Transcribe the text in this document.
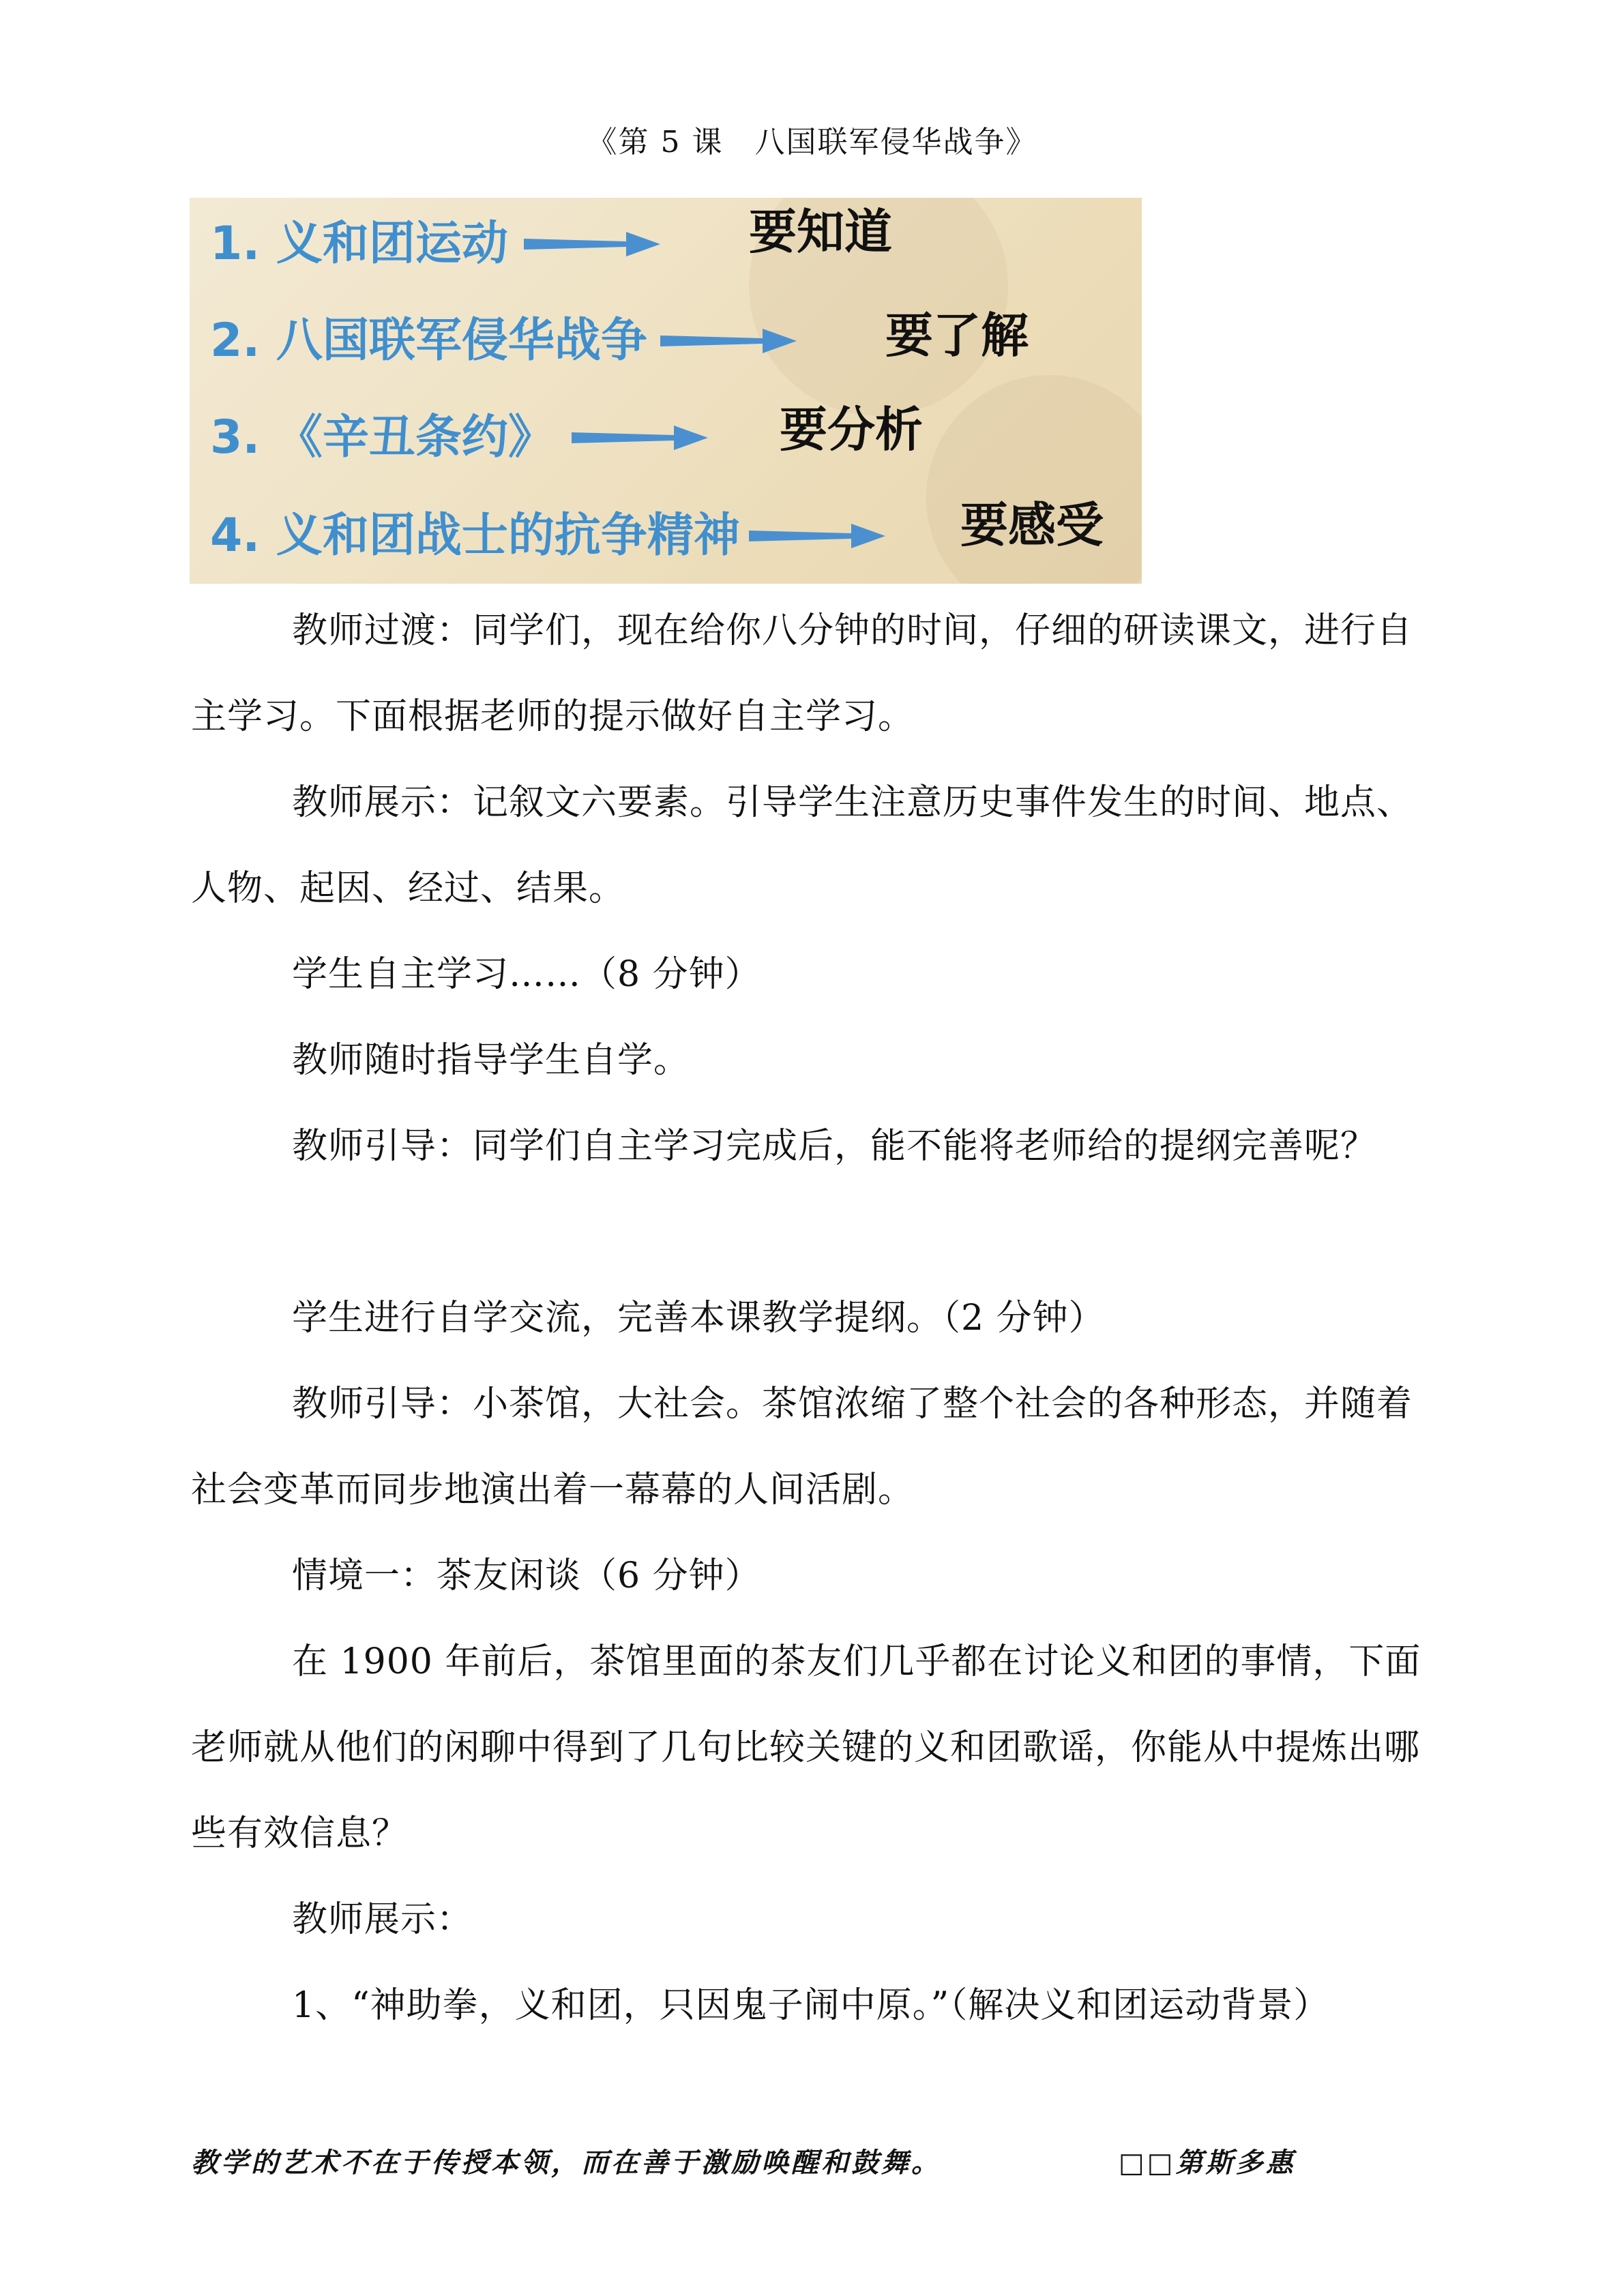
《第 5 课　八国联军侵华战争》
1. 义和团运动	要知道
2. 八国联军侵华战争	要了解
3. 《辛丑条约》	要分析
4. 义和团战士的抗争精神	要感受

教师过渡：同学们，现在给你八分钟的时间，仔细的研读课文，进行自主学习。下面根据老师的提示做好自主学习。

教师展示：记叙文六要素。引导学生注意历史事件发生的时间、地点、人物、起因、经过、结果。

学生自主学习……（8 分钟）

教师随时指导学生自学。

教师引导：同学们自主学习完成后，能不能将老师给的提纲完善呢？

学生进行自学交流，完善本课教学提纲。（2 分钟）

教师引导：小茶馆，大社会。茶馆浓缩了整个社会的各种形态，并随着社会变革而同步地演出着一幕幕的人间活剧。

情境一：茶友闲谈（6 分钟）

在 1900 年前后，茶馆里面的茶友们几乎都在讨论义和团的事情，下面老师就从他们的闲聊中得到了几句比较关键的义和团歌谣，你能从中提炼出哪些有效信息？

教师展示：

1、“神助拳，义和团，只因鬼子闹中原。”（解决义和团运动背景）

教学的艺术不在于传授本领，而在善于激励唤醒和鼓舞。	□□第斯多惠
